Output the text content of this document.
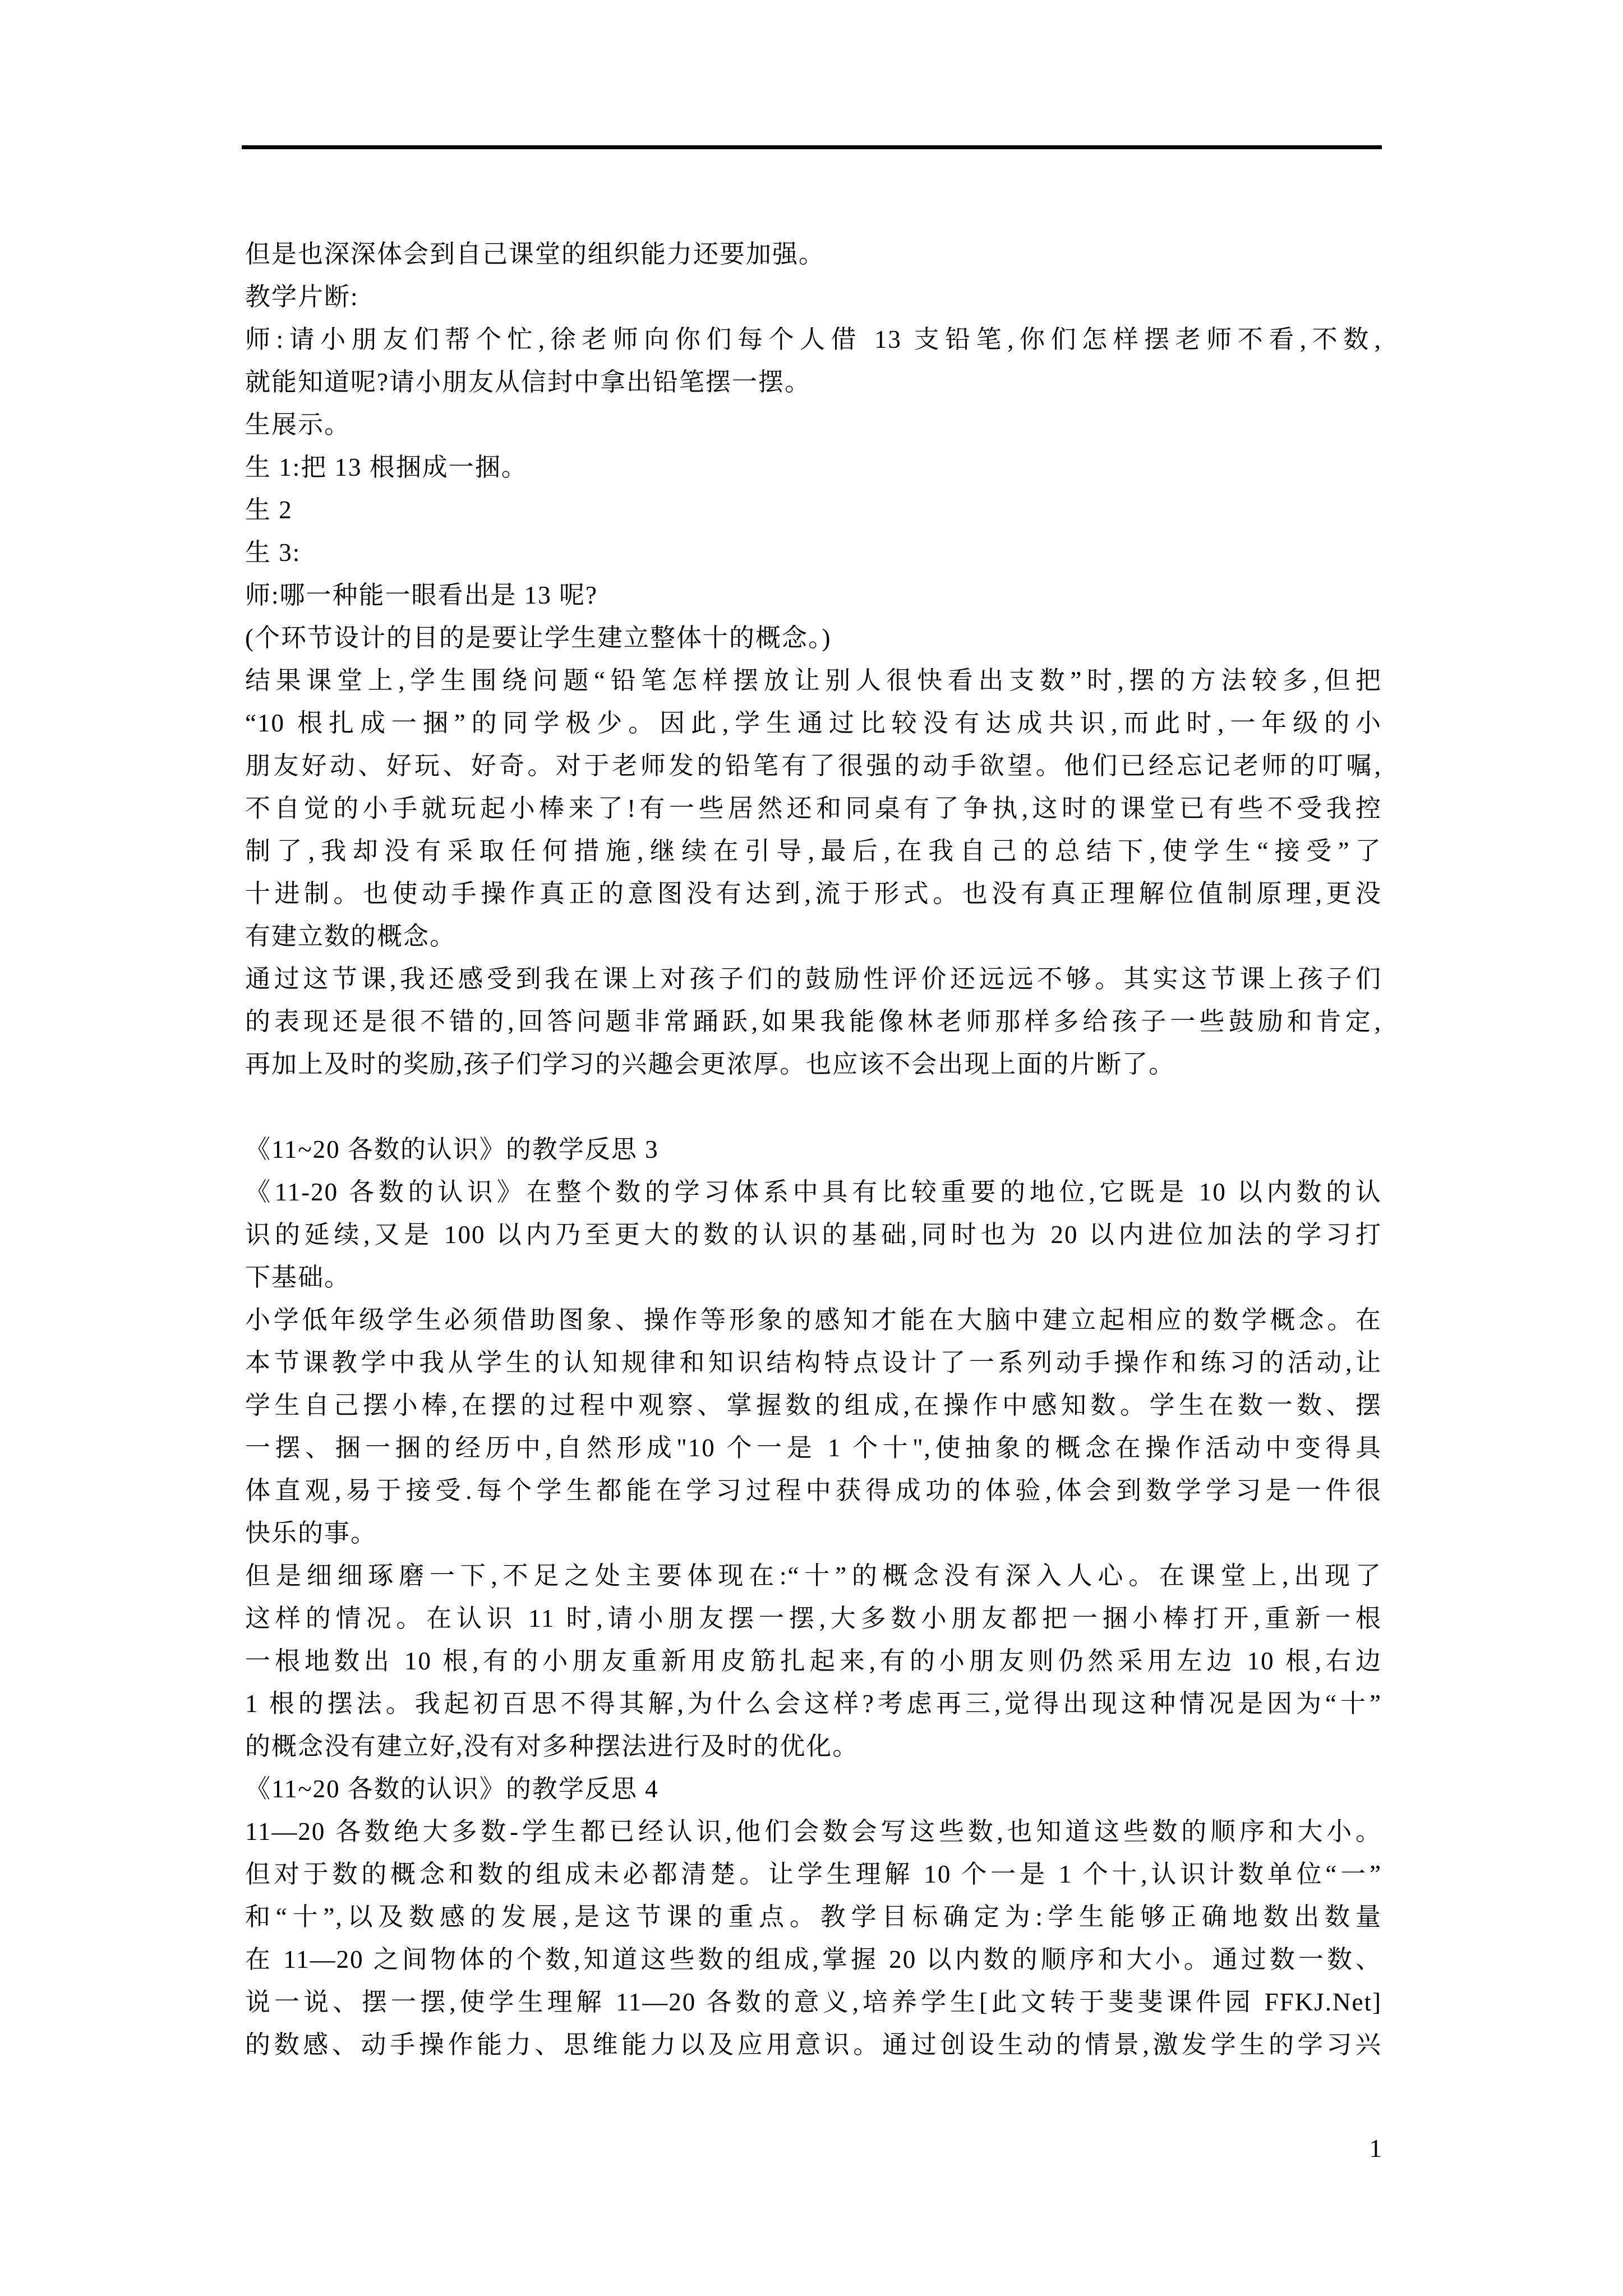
但是也深深体会到自己课堂的组织能力还要加强。
教学片断:
师:请小朋友们帮个忙,徐老师向你们每个人借 13 支铅笔,你们怎样摆老师不看,不数,
就能知道呢?请小朋友从信封中拿出铅笔摆一摆。
生展示。
生 1:把 13 根捆成一捆。
生 2
生 3:
师:哪一种能一眼看出是 13 呢?
(个环节设计的目的是要让学生建立整体十的概念。)
结果课堂上,学生围绕问题“铅笔怎样摆放让别人很快看出支数”时,摆的方法较多,但把
“10 根扎成一捆”的同学极少。因此,学生通过比较没有达成共识,而此时,一年级的小
朋友好动、好玩、好奇。对于老师发的铅笔有了很强的动手欲望。他们已经忘记老师的叮嘱,
不自觉的小手就玩起小棒来了!有一些居然还和同桌有了争执,这时的课堂已有些不受我控
制了,我却没有采取任何措施,继续在引导,最后,在我自己的总结下,使学生“接受”了
十进制。也使动手操作真正的意图没有达到,流于形式。也没有真正理解位值制原理,更没
有建立数的概念。
通过这节课,我还感受到我在课上对孩子们的鼓励性评价还远远不够。其实这节课上孩子们
的表现还是很不错的,回答问题非常踊跃,如果我能像林老师那样多给孩子一些鼓励和肯定,
再加上及时的奖励,孩子们学习的兴趣会更浓厚。也应该不会出现上面的片断了。

《11~20 各数的认识》的教学反思 3
《11-20 各数的认识》在整个数的学习体系中具有比较重要的地位,它既是 10 以内数的认
识的延续,又是 100 以内乃至更大的数的认识的基础,同时也为 20 以内进位加法的学习打
下基础。
小学低年级学生必须借助图象、操作等形象的感知才能在大脑中建立起相应的数学概念。在
本节课教学中我从学生的认知规律和知识结构特点设计了一系列动手操作和练习的活动,让
学生自己摆小棒,在摆的过程中观察、掌握数的组成,在操作中感知数。学生在数一数、摆
一摆、捆一捆的经历中,自然形成"10 个一是 1 个十",使抽象的概念在操作活动中变得具
体直观,易于接受.每个学生都能在学习过程中获得成功的体验,体会到数学学习是一件很
快乐的事。
但是细细琢磨一下,不足之处主要体现在:“十”的概念没有深入人心。在课堂上,出现了
这样的情况。在认识 11 时,请小朋友摆一摆,大多数小朋友都把一捆小棒打开,重新一根
一根地数出 10 根,有的小朋友重新用皮筋扎起来,有的小朋友则仍然采用左边 10 根,右边
1 根的摆法。我起初百思不得其解,为什么会这样?考虑再三,觉得出现这种情况是因为“十”
的概念没有建立好,没有对多种摆法进行及时的优化。
《11~20 各数的认识》的教学反思 4
11—20 各数绝大多数-学生都已经认识,他们会数会写这些数,也知道这些数的顺序和大小。
但对于数的概念和数的组成未必都清楚。让学生理解 10 个一是 1 个十,认识计数单位“一”
和“十”,以及数感的发展,是这节课的重点。教学目标确定为:学生能够正确地数出数量
在 11—20 之间物体的个数,知道这些数的组成,掌握 20 以内数的顺序和大小。通过数一数、
说一说、摆一摆,使学生理解 11—20 各数的意义,培养学生[此文转于斐斐课件园 FFKJ.Net]
的数感、动手操作能力、思维能力以及应用意识。通过创设生动的情景,激发学生的学习兴
1
